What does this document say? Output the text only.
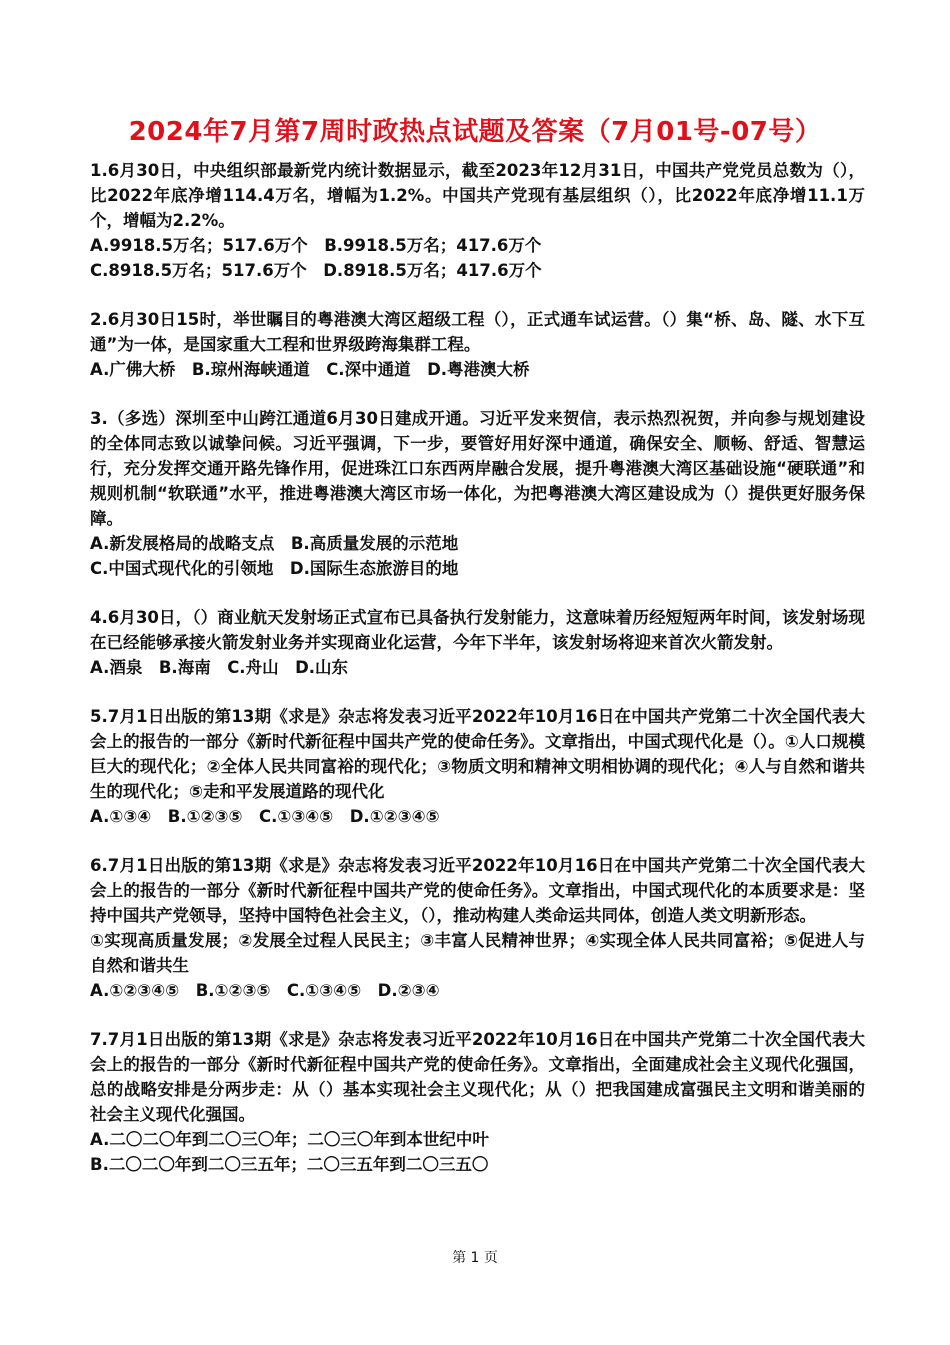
2024年7月第7周时政热点试题及答案（7月01号-07号）

1.6月30日，中央组织部最新党内统计数据显示，截至2023年12月31日，中国共产党党员总数为（），比2022年底净增114.4万名，增幅为1.2%。中国共产党现有基层组织（），比2022年底净增11.1万个，增幅为2.2%。

A.9918.5万名；517.6万个　B.9918.5万名；417.6万个

C.8918.5万名；517.6万个　D.8918.5万名；417.6万个

2.6月30日15时，举世瞩目的粤港澳大湾区超级工程（），正式通车试运营。（）集“桥、岛、隧、水下互通”为一体，是国家重大工程和世界级跨海集群工程。

A.广佛大桥　B.琼州海峡通道　C.深中通道　D.粤港澳大桥

3.（多选）深圳至中山跨江通道6月30日建成开通。习近平发来贺信，表示热烈祝贺，并向参与规划建设的全体同志致以诚挚问候。习近平强调，下一步，要管好用好深中通道，确保安全、顺畅、舒适、智慧运行，充分发挥交通开路先锋作用，促进珠江口东西两岸融合发展，提升粤港澳大湾区基础设施“硬联通”和规则机制“软联通”水平，推进粤港澳大湾区市场一体化，为把粤港澳大湾区建设成为（）提供更好服务保障。

A.新发展格局的战略支点　B.高质量发展的示范地

C.中国式现代化的引领地　D.国际生态旅游目的地

4.6月30日，（）商业航天发射场正式宣布已具备执行发射能力，这意味着历经短短两年时间，该发射场现在已经能够承接火箭发射业务并实现商业化运营，今年下半年，该发射场将迎来首次火箭发射。

A.酒泉　B.海南　C.舟山　D.山东

5.7月1日出版的第13期《求是》杂志将发表习近平2022年10月16日在中国共产党第二十次全国代表大会上的报告的一部分《新时代新征程中国共产党的使命任务》。文章指出，中国式现代化是（）。①人口规模巨大的现代化；②全体人民共同富裕的现代化；③物质文明和精神文明相协调的现代化；④人与自然和谐共生的现代化；⑤走和平发展道路的现代化

A.①③④　B.①②③⑤　C.①③④⑤　D.①②③④⑤

6.7月1日出版的第13期《求是》杂志将发表习近平2022年10月16日在中国共产党第二十次全国代表大会上的报告的一部分《新时代新征程中国共产党的使命任务》。文章指出，中国式现代化的本质要求是：坚持中国共产党领导，坚持中国特色社会主义，（），推动构建人类命运共同体，创造人类文明新形态。

①实现高质量发展；②发展全过程人民民主；③丰富人民精神世界；④实现全体人民共同富裕；⑤促进人与自然和谐共生

A.①②③④⑤　B.①②③⑤　C.①③④⑤　D.②③④

7.7月1日出版的第13期《求是》杂志将发表习近平2022年10月16日在中国共产党第二十次全国代表大会上的报告的一部分《新时代新征程中国共产党的使命任务》。文章指出，全面建成社会主义现代化强国，总的战略安排是分两步走：从（）基本实现社会主义现代化；从（）把我国建成富强民主文明和谐美丽的社会主义现代化强国。

A.二〇二〇年到二〇三〇年；二〇三〇年到本世纪中叶

B.二〇二〇年到二〇三五年；二〇三五年到二〇三五〇

第 1 页
